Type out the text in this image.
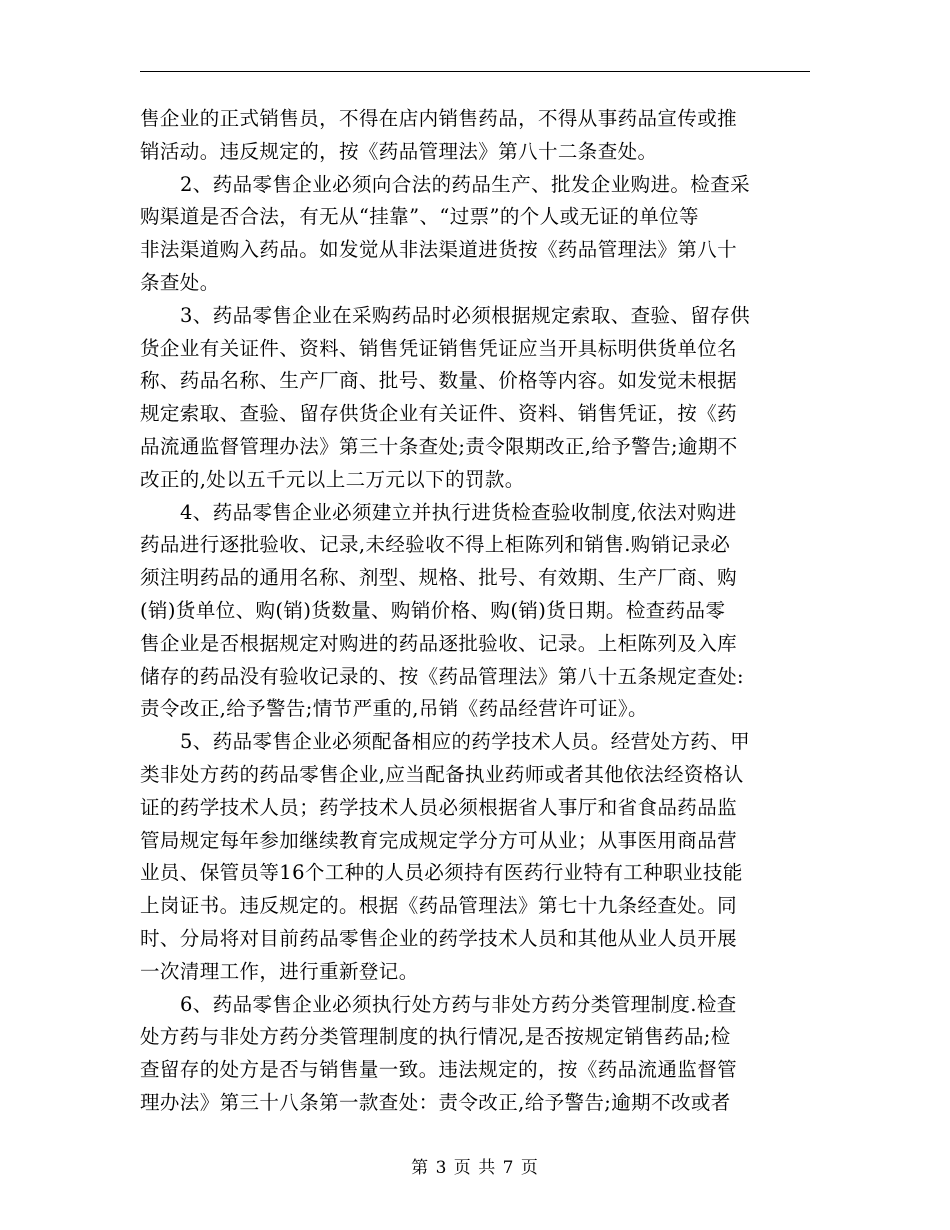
售企业的正式销售员，不得在店内销售药品，不得从事药品宣传或推
销活动。违反规定的，按《药品管理法》第八十二条查处。
2、药品零售企业必须向合法的药品生产、批发企业购进。检查采
购渠道是否合法，有无从“挂靠”、“过票”的个人或无证的单位等
非法渠道购入药品。如发觉从非法渠道进货按《药品管理法》第八十
条查处。
3、药品零售企业在采购药品时必须根据规定索取、查验、留存供
货企业有关证件、资料、销售凭证销售凭证应当开具标明供货单位名
称、药品名称、生产厂商、批号、数量、价格等内容。如发觉未根据
规定索取、查验、留存供货企业有关证件、资料、销售凭证，按《药
品流通监督管理办法》第三十条查处;责令限期改正,给予警告;逾期不
改正的,处以五千元以上二万元以下的罚款。
4、药品零售企业必须建立并执行进货检查验收制度,依法对购进
药品进行逐批验收、记录,未经验收不得上柜陈列和销售.购销记录必
须注明药品的通用名称、剂型、规格、批号、有效期、生产厂商、购
(销)货单位、购(销)货数量、购销价格、购(销)货日期。检查药品零
售企业是否根据规定对购进的药品逐批验收、记录。上柜陈列及入库
储存的药品没有验收记录的、按《药品管理法》第八十五条规定查处:
责令改正,给予警告;情节严重的,吊销《药品经营许可证》。
5、药品零售企业必须配备相应的药学技术人员。经营处方药、甲
类非处方药的药品零售企业,应当配备执业药师或者其他依法经资格认
证的药学技术人员；药学技术人员必须根据省人事厅和省食品药品监
管局规定每年参加继续教育完成规定学分方可从业；从事医用商品营
业员、保管员等16个工种的人员必须持有医药行业特有工种职业技能
上岗证书。违反规定的。根据《药品管理法》第七十九条经查处。同
时、分局将对目前药品零售企业的药学技术人员和其他从业人员开展
一次清理工作，进行重新登记。
6、药品零售企业必须执行处方药与非处方药分类管理制度.检查
处方药与非处方药分类管理制度的执行情况,是否按规定销售药品;检
查留存的处方是否与销售量一致。违法规定的，按《药品流通监督管
理办法》第三十八条第一款查处：责令改正,给予警告;逾期不改或者
第 3 页 共 7 页
